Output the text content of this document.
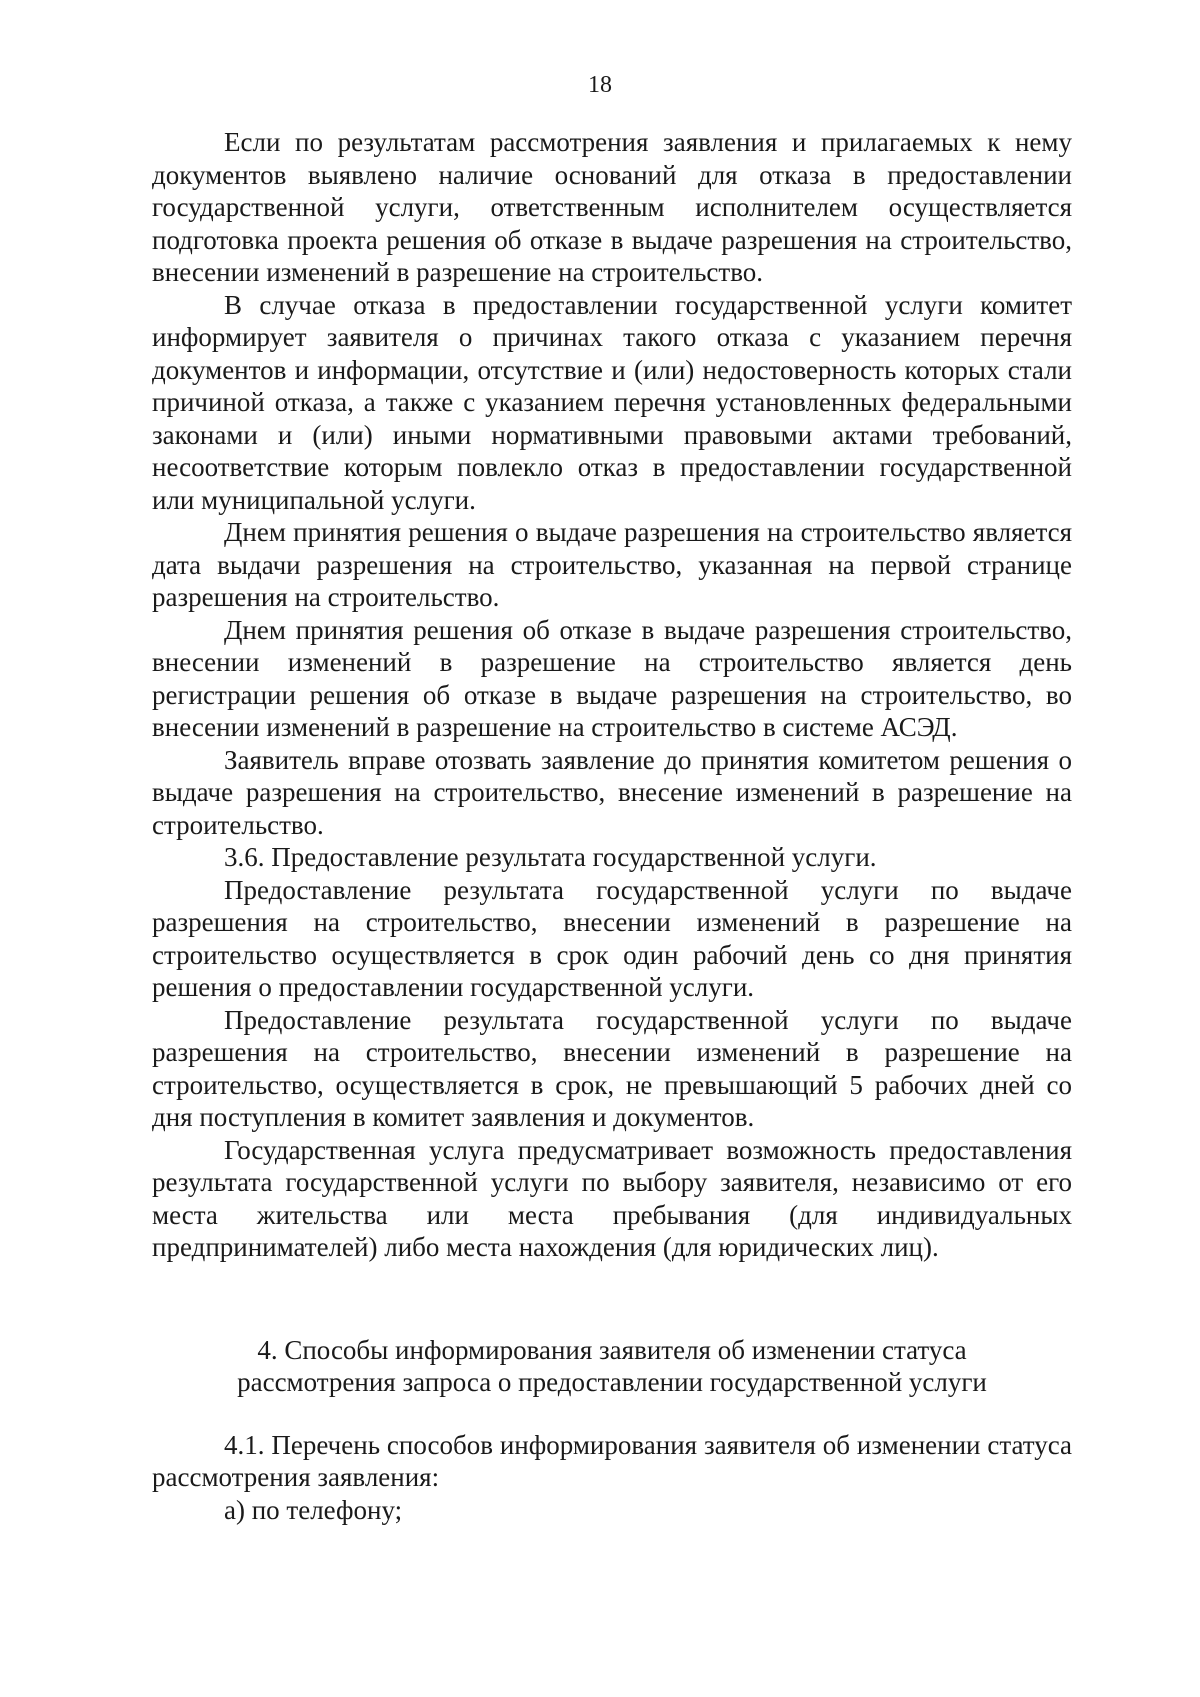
18

Если по результатам рассмотрения заявления и прилагаемых к нему документов выявлено наличие оснований для отказа в предоставлении государственной услуги, ответственным исполнителем осуществляется подготовка проекта решения об отказе в выдаче разрешения на строительство, внесении изменений в разрешение на строительство.

В случае отказа в предоставлении государственной услуги комитет информирует заявителя о причинах такого отказа с указанием перечня документов и информации, отсутствие и (или) недостоверность которых стали причиной отказа, а также с указанием перечня установленных федеральными законами и (или) иными нормативными правовыми актами требований, несоответствие которым повлекло отказ в предоставлении государственной или муниципальной услуги.

Днем принятия решения о выдаче разрешения на строительство является дата выдачи разрешения на строительство, указанная на первой странице разрешения на строительство.

Днем принятия решения об отказе в выдаче разрешения строительство, внесении изменений в разрешение на строительство является день регистрации решения об отказе в выдаче разрешения на строительство, во внесении изменений в разрешение на строительство в системе АСЭД.

Заявитель вправе отозвать заявление до принятия комитетом решения о выдаче разрешения на строительство, внесение изменений в разрешение на строительство.

3.6. Предоставление результата государственной услуги.

Предоставление результата государственной услуги по выдаче разрешения на строительство, внесении изменений в разрешение на строительство осуществляется в срок один рабочий день со дня принятия решения о предоставлении государственной услуги.

Предоставление результата государственной услуги по выдаче разрешения на строительство, внесении изменений в разрешение на строительство, осуществляется в срок, не превышающий 5 рабочих дней со дня поступления в комитет заявления и документов.

Государственная услуга предусматривает возможность предоставления результата государственной услуги по выбору заявителя, независимо от его места жительства или места пребывания (для индивидуальных предпринимателей) либо места нахождения (для юридических лиц).

4. Способы информирования заявителя об изменении статуса рассмотрения запроса о предоставлении государственной услуги

4.1. Перечень способов информирования заявителя об изменении статуса рассмотрения заявления:

а) по телефону;
